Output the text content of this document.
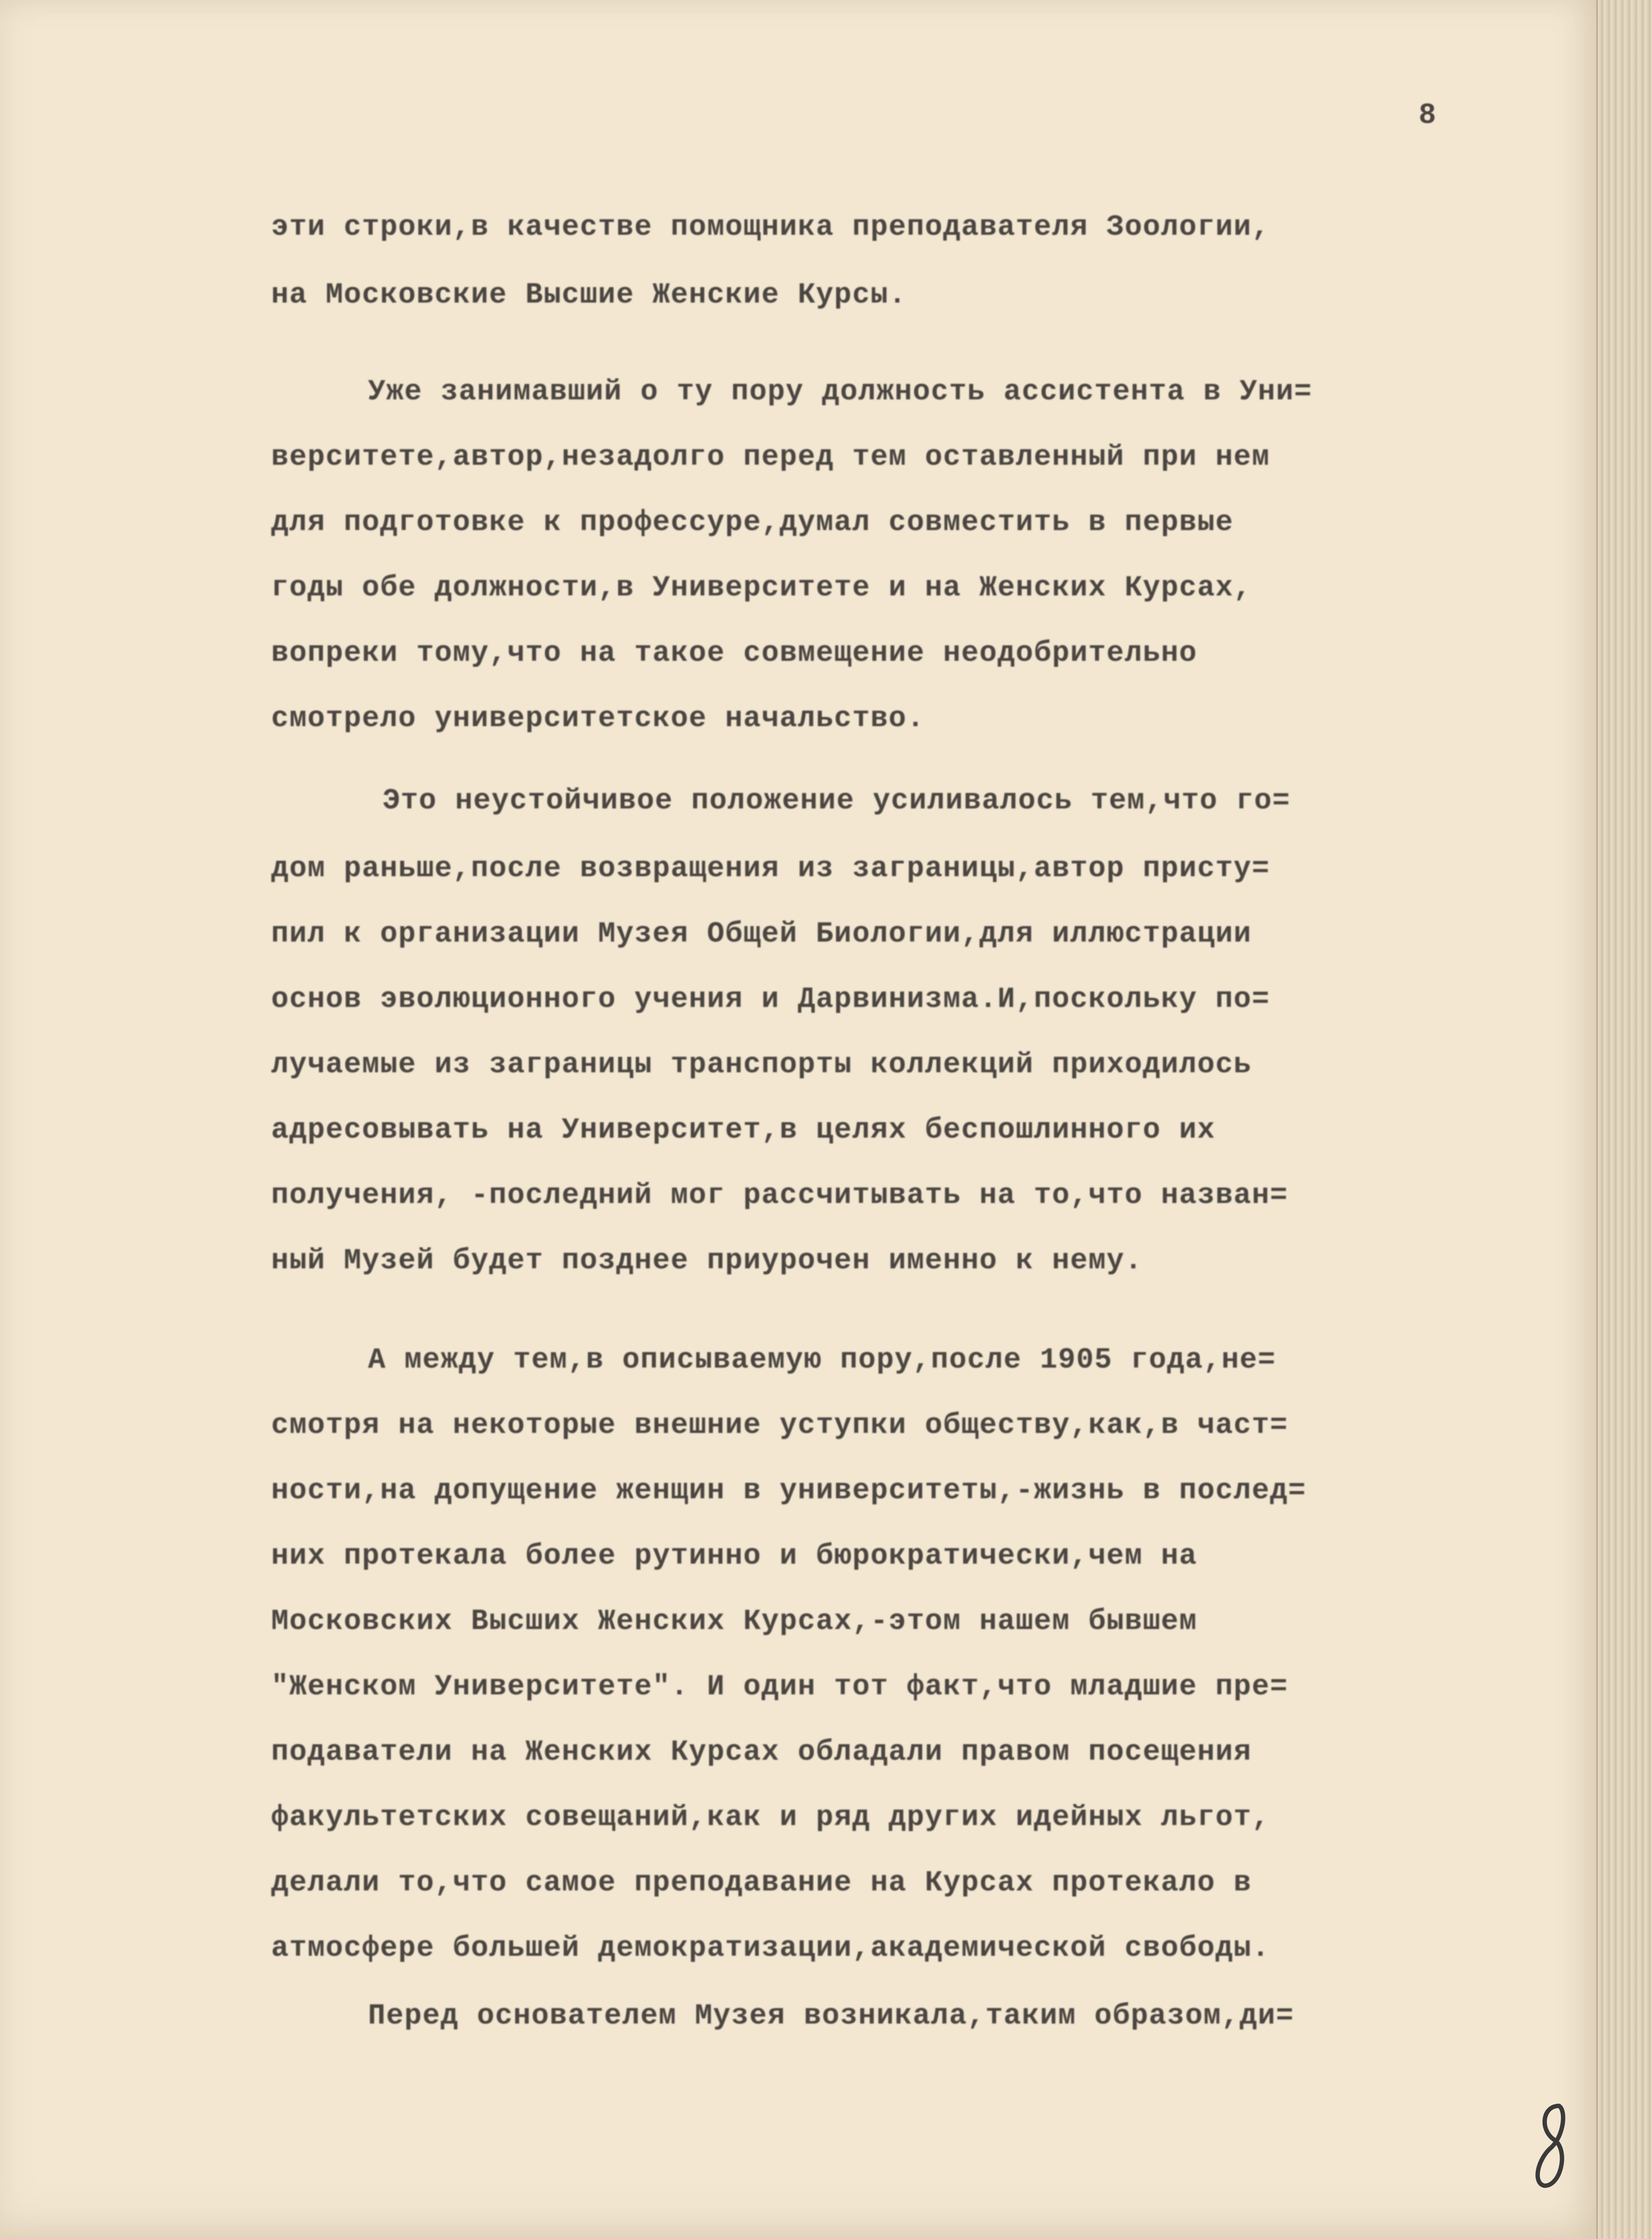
8
эти строки,в качестве помощника преподавателя Зоологии,
на Московские Высшие Женские Курсы.
Уже занимавший о ту пору должность ассистента в Уни=
верситете,автор,незадолго перед тем оставленный при нем
для подготовке к профессуре,думал совместить в первые
годы обе должности,в Университете и на Женских Курсах,
вопреки тому,что на такое совмещение неодобрительно
смотрело университетское начальство.
Это неустойчивое положение усиливалось тем,что го=
дом раньше,после возвращения из заграницы,автор присту=
пил к организации Музея Общей Биологии,для иллюстрации
основ эволюционного учения и Дарвинизма.И,поскольку по=
лучаемые из заграницы транспорты коллекций приходилось
адресовывать на Университет,в целях беспошлинного их
получения, -последний мог рассчитывать на то,что назван=
ный Музей будет позднее приурочен именно к нему.
А между тем,в описываемую пору,после 1905 года,не=
смотря на некоторые внешние уступки обществу,как,в част=
ности,на допущение женщин в университеты,-жизнь в послед=
них протекала более рутинно и бюрократически,чем на
Московских Высших Женских Курсах,-этом нашем бывшем
"Женском Университете". И один тот факт,что младшие пре=
подаватели на Женских Курсах обладали правом посещения
факультетских совещаний,как и ряд других идейных льгот,
делали то,что самое преподавание на Курсах протекало в
атмосфере большей демократизации,академической свободы.
Перед основателем Музея возникала,таким образом,ди=
